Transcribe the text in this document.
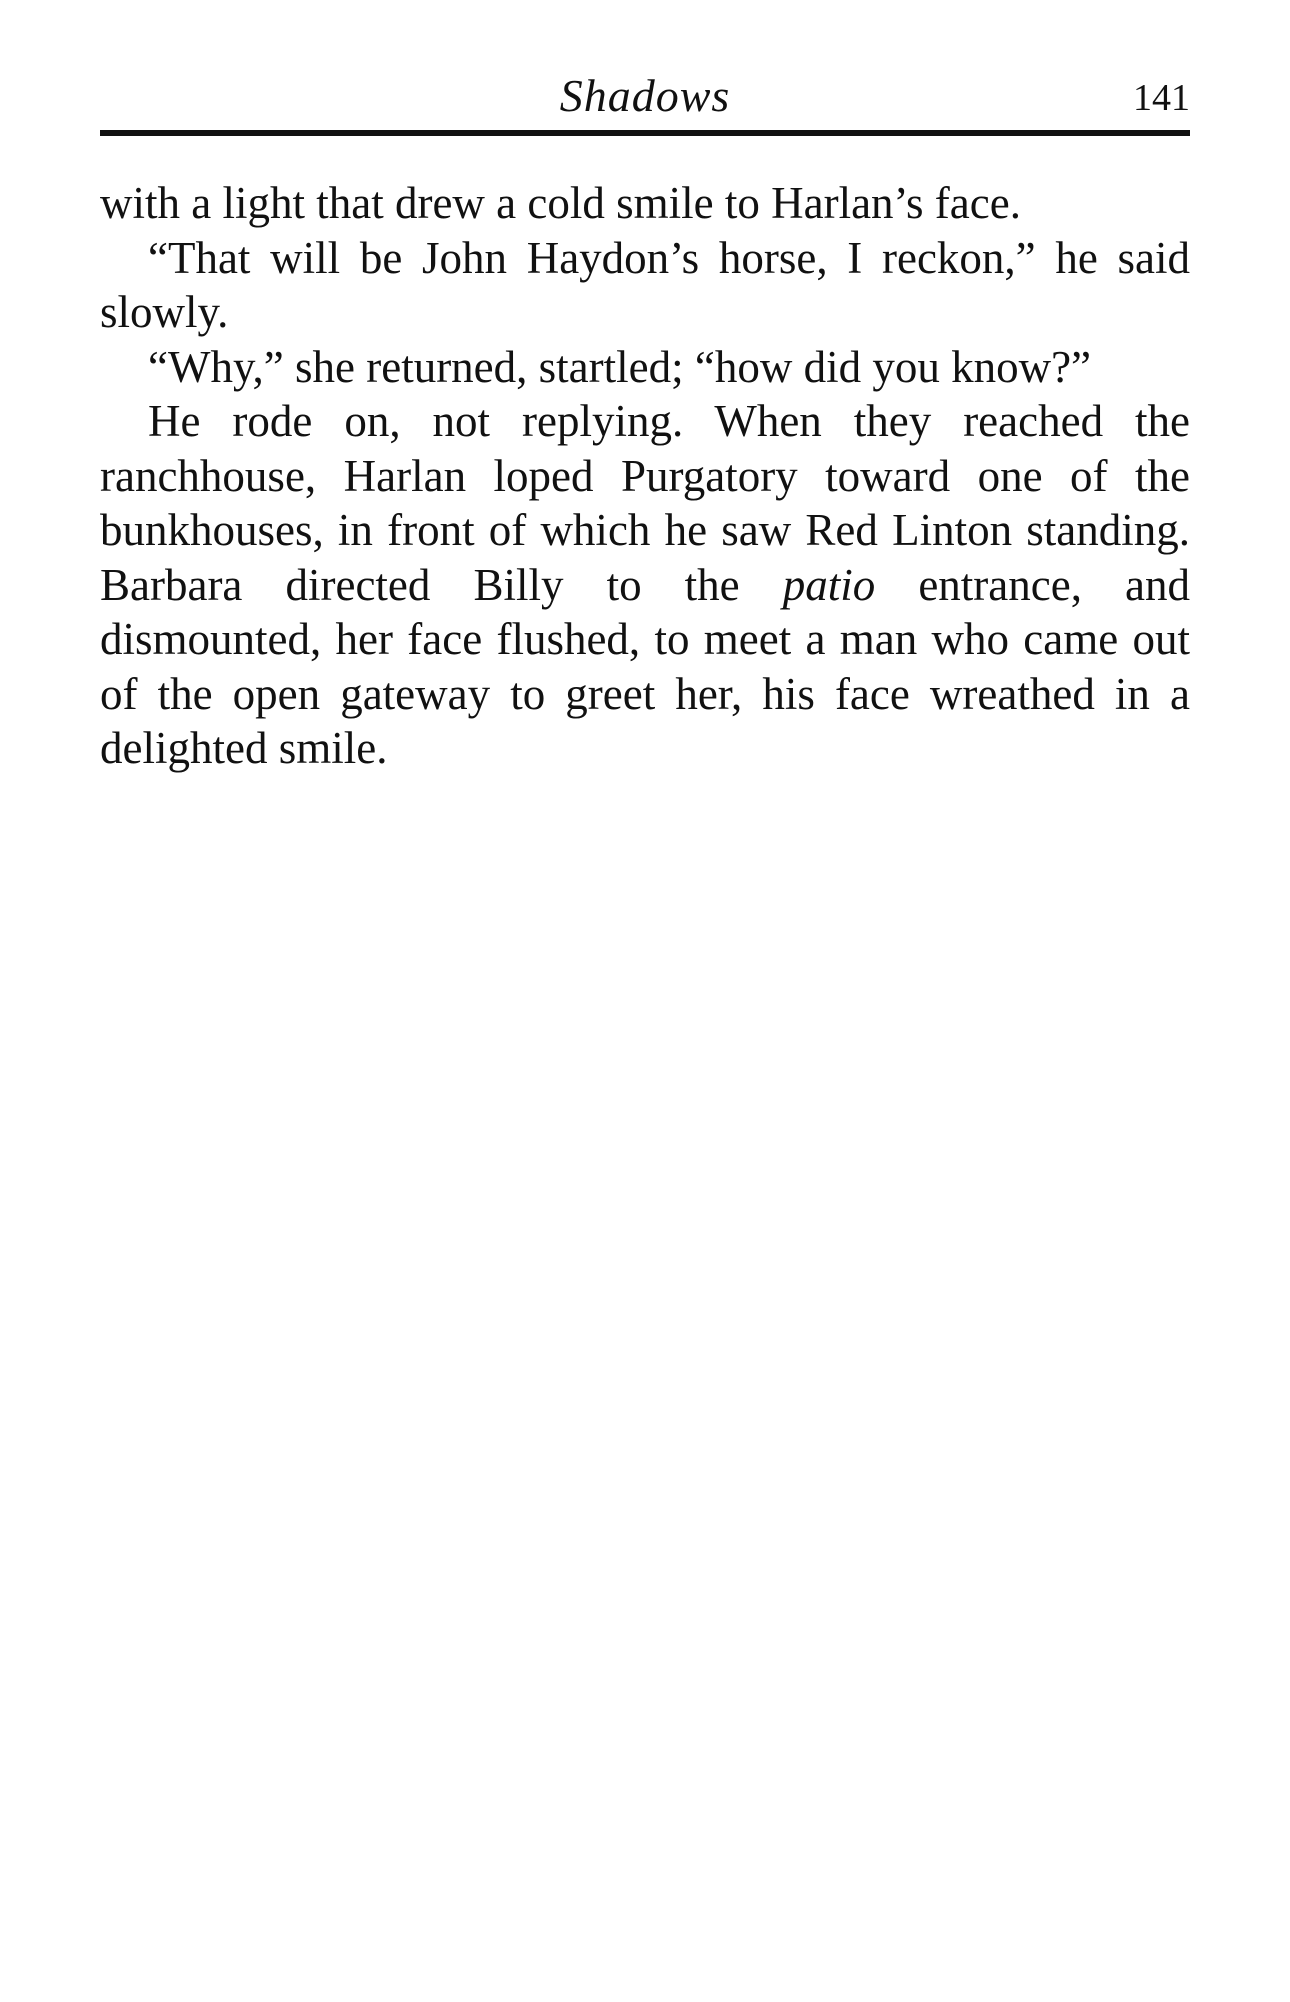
Shadows	141

with a light that drew a cold smile to Harlan’s face.

“That will be John Haydon’s horse, I reckon,” he said slowly.

“Why,” she returned, startled; “how did you know?”

He rode on, not replying. When they reached the ranchhouse, Harlan loped Purgatory toward one of the bunkhouses, in front of which he saw Red Linton standing. Barbara directed Billy to the patio entrance, and dismounted, her face flushed, to meet a man who came out of the open gateway to greet her, his face wreathed in a delighted smile.
